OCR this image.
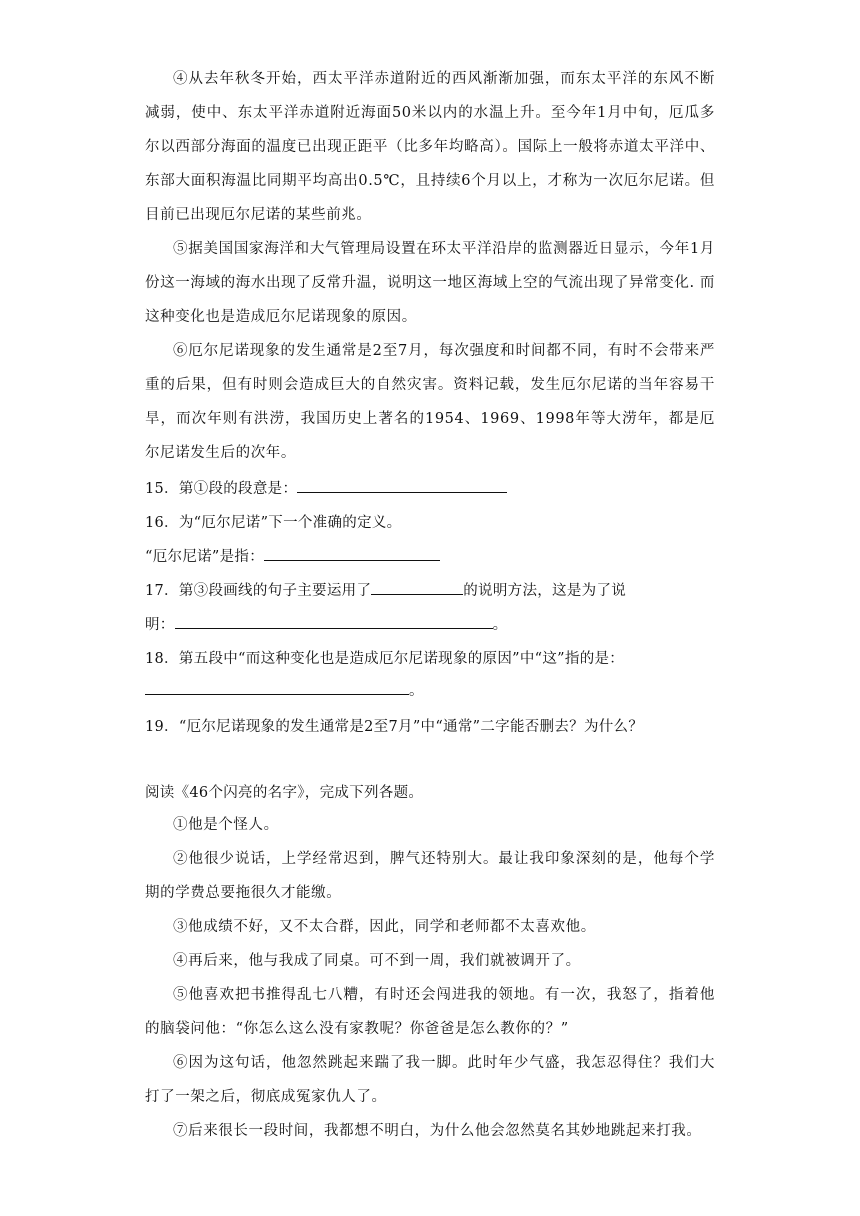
④从去年秋冬开始，西太平洋赤道附近的西风渐渐加强，而东太平洋的东风不断减弱，使中、东太平洋赤道附近海面50米以内的水温上升。至今年1月中旬，厄瓜多尔以西部分海面的温度已出现正距平（比多年均略高）。国际上一般将赤道太平洋中、东部大面积海温比同期平均高出0.5℃，且持续6个月以上，才称为一次厄尔尼诺。但目前已出现厄尔尼诺的某些前兆。

⑤据美国国家海洋和大气管理局设置在环太平洋沿岸的监测器近日显示，今年1月份这一海域的海水出现了反常升温，说明这一地区海域上空的气流出现了异常变化. 而这种变化也是造成厄尔尼诺现象的原因。

⑥厄尔尼诺现象的发生通常是2至7月，每次强度和时间都不同，有时不会带来严重的后果，但有时则会造成巨大的自然灾害。资料记载，发生厄尔尼诺的当年容易干旱，而次年则有洪涝，我国历史上著名的1954、1969、1998年等大涝年，都是厄尔尼诺发生后的次年。

15．第①段的段意是：
16．为“厄尔尼诺”下一个准确的定义。
“厄尔尼诺”是指：
17．第③段画线的句子主要运用了	的说明方法，这是为了说
明：	。
18．第五段中“而这种变化也是造成厄尔尼诺现象的原因”中“这”指的是：
。
19．“厄尔尼诺现象的发生通常是2至7月”中“通常”二字能否删去？为什么？
阅读《46个闪亮的名字》，完成下列各题。

①他是个怪人。

②他很少说话，上学经常迟到，脾气还特别大。最让我印象深刻的是，他每个学期的学费总要拖很久才能缴。

③他成绩不好，又不太合群，因此，同学和老师都不太喜欢他。

④再后来，他与我成了同桌。可不到一周，我们就被调开了。

⑤他喜欢把书推得乱七八糟，有时还会闯进我的领地。有一次，我怒了，指着他的脑袋问他：“你怎么这么没有家教呢？你爸爸是怎么教你的？”

⑥因为这句话，他忽然跳起来踹了我一脚。此时年少气盛，我怎忍得住？我们大打了一架之后，彻底成冤家仇人了。

⑦后来很长一段时间，我都想不明白，为什么他会忽然莫名其妙地跳起来打我。
